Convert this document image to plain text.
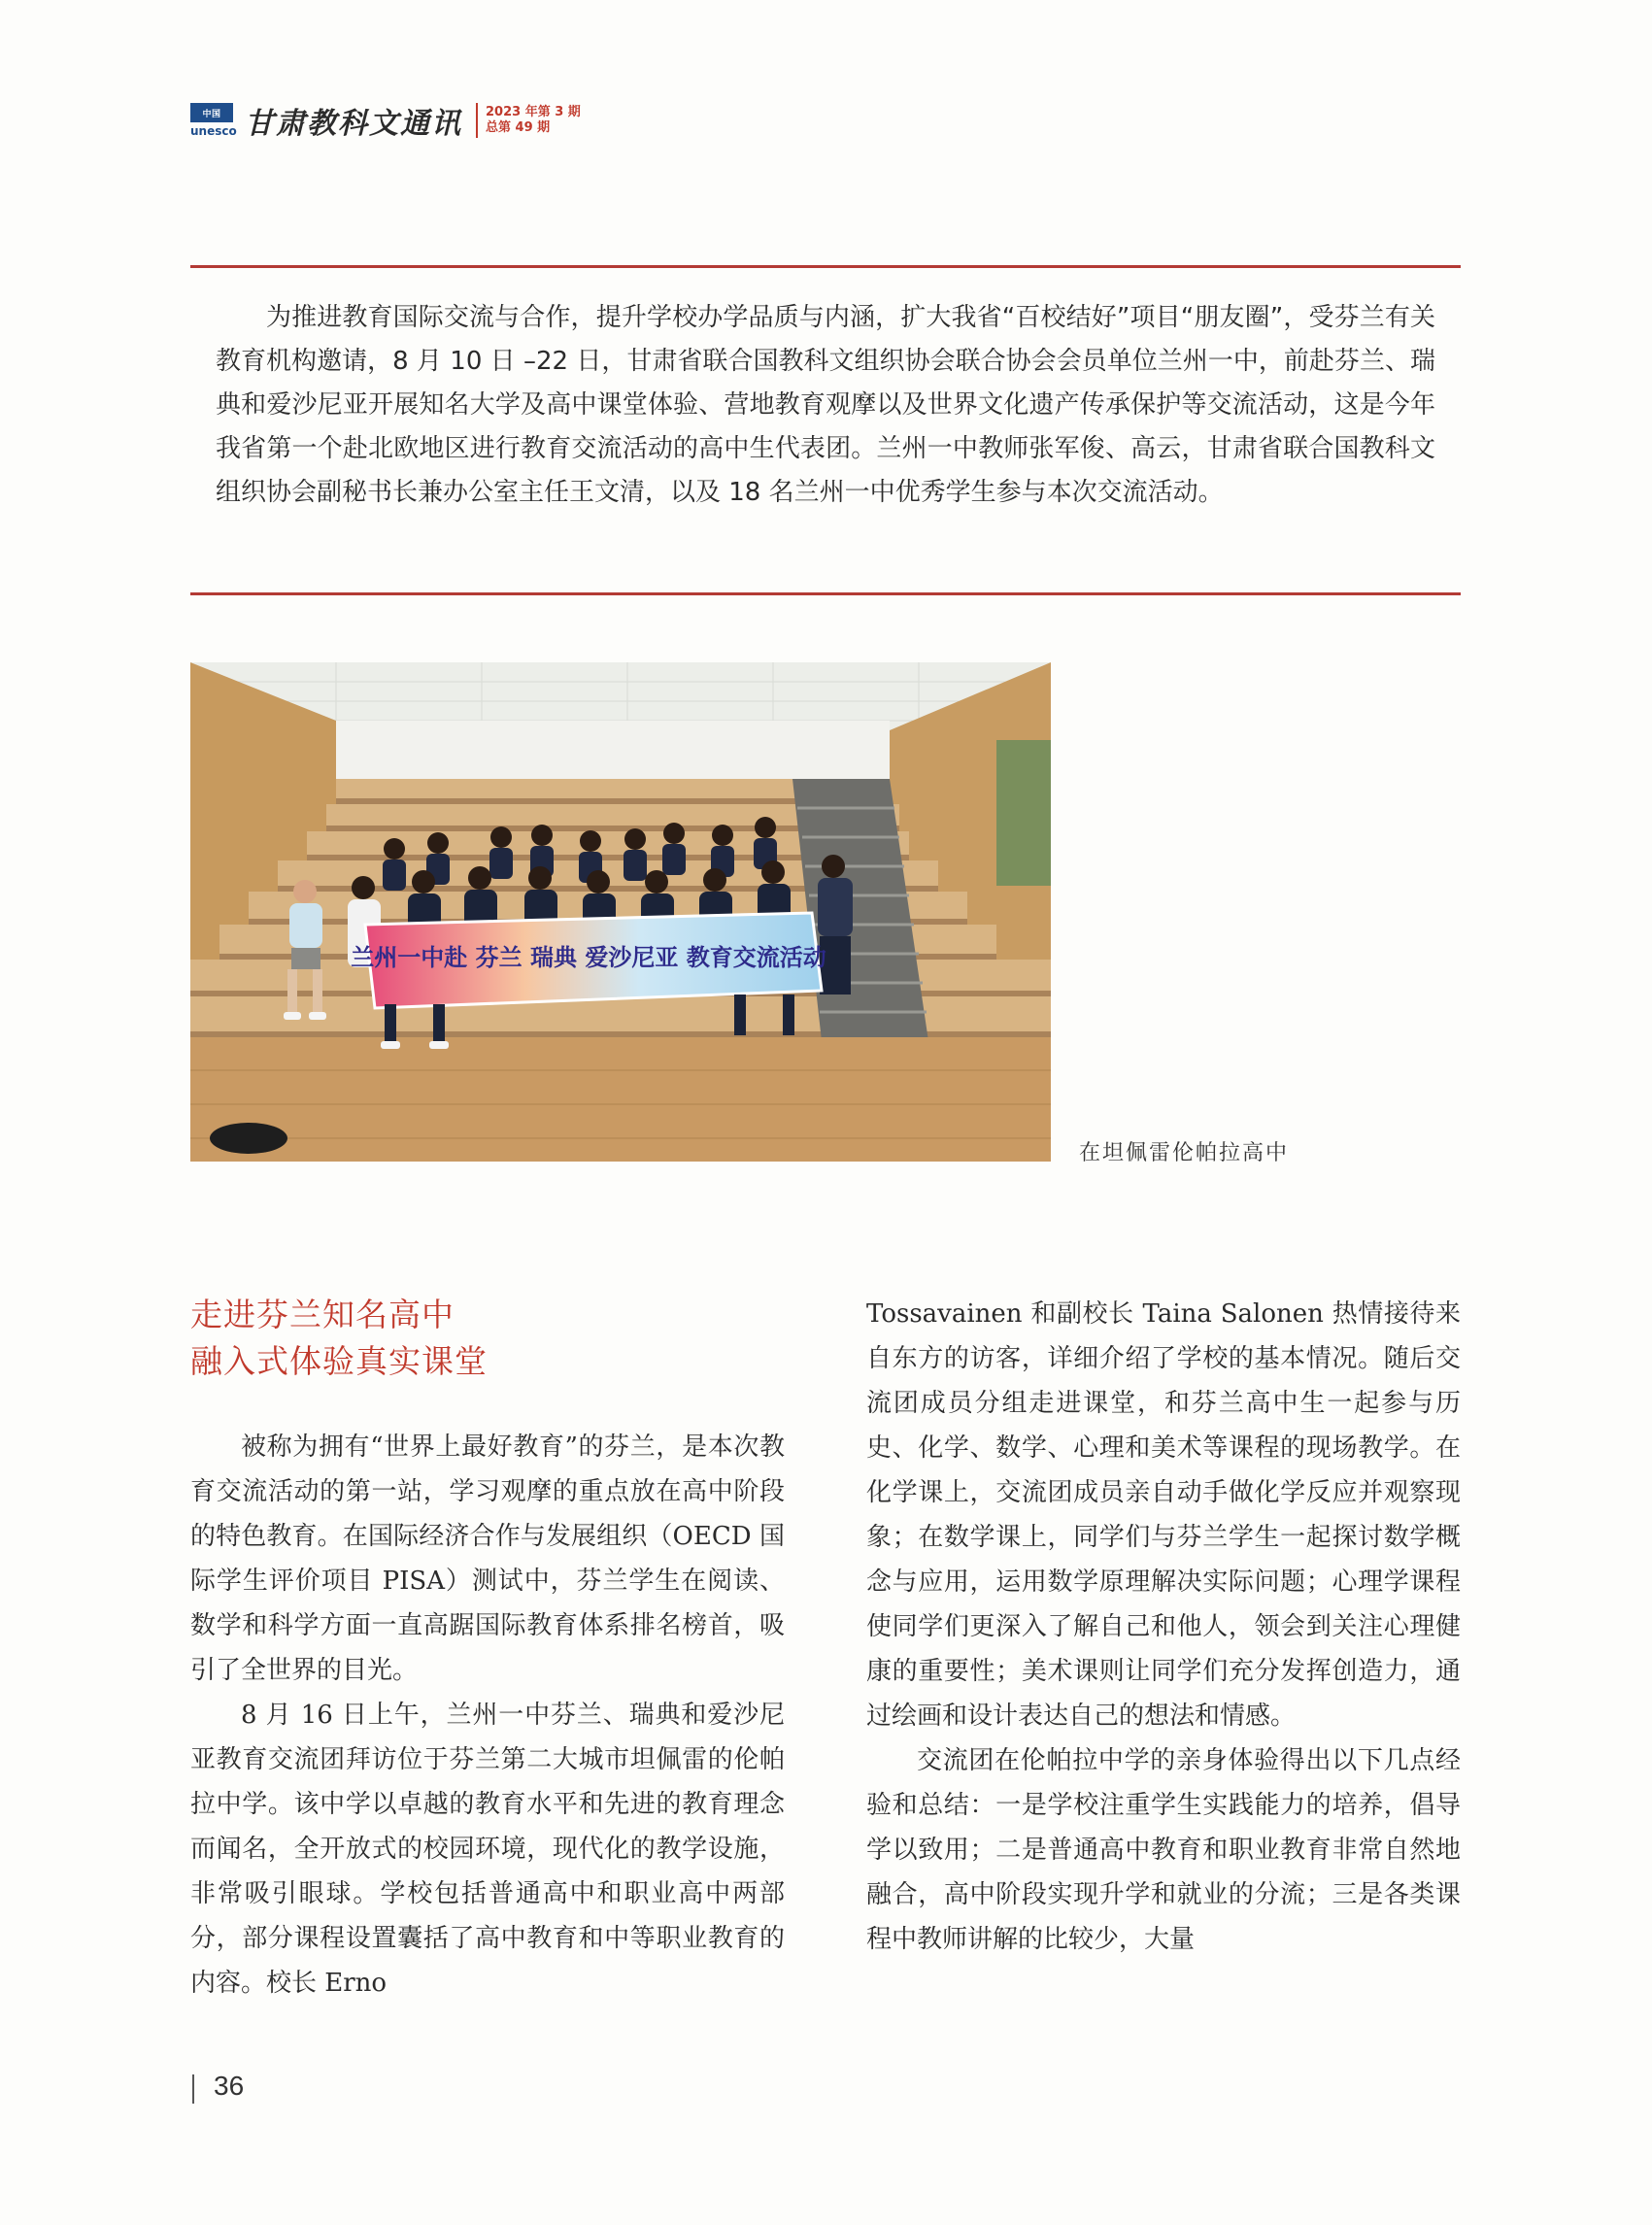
中国
unesco 甘肃教科文通讯 2023 年第 3 期
总第 49 期

为推进教育国际交流与合作，提升学校办学品质与内涵，扩大我省“百校结好”项目“朋友圈”，受芬兰有关教育机构邀请，8 月 10 日 –22 日，甘肃省联合国教科文组织协会联合协会会员单位兰州一中，前赴芬兰、瑞典和爱沙尼亚开展知名大学及高中课堂体验、营地教育观摩以及世界文化遗产传承保护等交流活动，这是今年我省第一个赴北欧地区进行教育交流活动的高中生代表团。兰州一中教师张军俊、高云，甘肃省联合国教科文组织协会副秘书长兼办公室主任王文清，以及 18 名兰州一中优秀学生参与本次交流活动。

兰州一中赴 芬兰 瑞典 爱沙尼亚 教育交流活动

在坦佩雷伦帕拉高中

走进芬兰知名高中
融入式体验真实课堂

被称为拥有“世界上最好教育”的芬兰，是本次教育交流活动的第一站，学习观摩的重点放在高中阶段的特色教育。在国际经济合作与发展组织（OECD 国际学生评价项目 PISA）测试中，芬兰学生在阅读、数学和科学方面一直高踞国际教育体系排名榜首，吸引了全世界的目光。

8 月 16 日上午，兰州一中芬兰、瑞典和爱沙尼亚教育交流团拜访位于芬兰第二大城市坦佩雷的伦帕拉中学。该中学以卓越的教育水平和先进的教育理念而闻名，全开放式的校园环境，现代化的教学设施，非常吸引眼球。学校包括普通高中和职业高中两部分，部分课程设置囊括了高中教育和中等职业教育的内容。校长 Erno

Tossavainen 和副校长 Taina Salonen 热情接待来自东方的访客，详细介绍了学校的基本情况。随后交流团成员分组走进课堂，和芬兰高中生一起参与历史、化学、数学、心理和美术等课程的现场教学。在化学课上，交流团成员亲自动手做化学反应并观察现象；在数学课上，同学们与芬兰学生一起探讨数学概念与应用，运用数学原理解决实际问题；心理学课程使同学们更深入了解自己和他人，领会到关注心理健康的重要性；美术课则让同学们充分发挥创造力，通过绘画和设计表达自己的想法和情感。

交流团在伦帕拉中学的亲身体验得出以下几点经验和总结：一是学校注重学生实践能力的培养，倡导学以致用；二是普通高中教育和职业教育非常自然地融合，高中阶段实现升学和就业的分流；三是各类课程中教师讲解的比较少，大量

36
